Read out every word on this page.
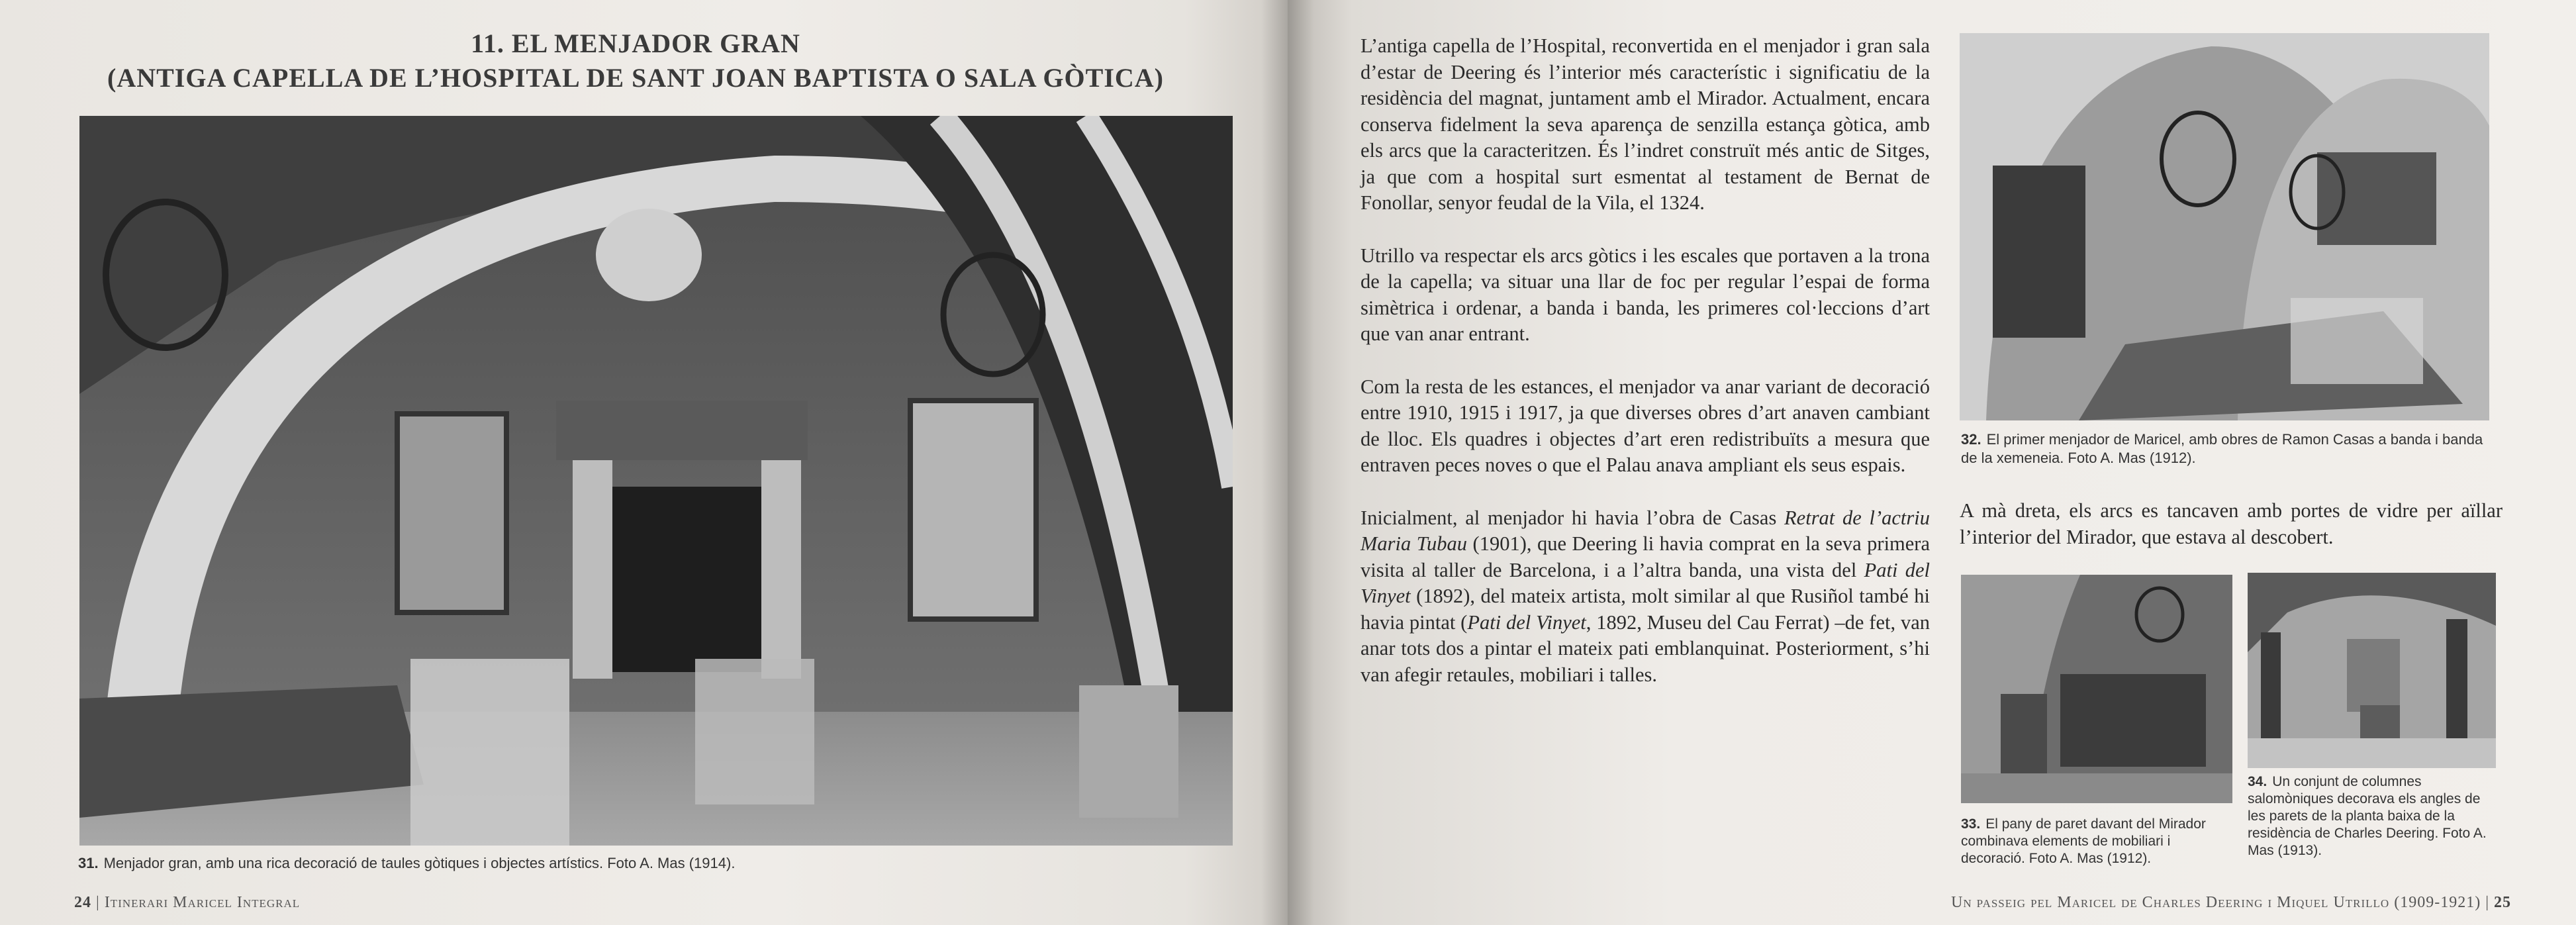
11. EL MENJADOR GRAN
(ANTIGA CAPELLA DE L’HOSPITAL DE SANT JOAN BAPTISTA O SALA GÒTICA)
31. Menjador gran, amb una rica decoració de taules gòtiques i objectes artístics. Foto A. Mas (1914).
24 | Itinerari Maricel Integral

L’antiga capella de l’Hospital, reconvertida en el menjador i gran sala d’estar de Deering és l’interior més característic i significatiu de la residència del magnat, juntament amb el Mirador. Actualment, encara conserva fidelment la seva aparença de senzilla estança gòtica, amb els arcs que la caracteritzen. És l’indret construït més antic de Sitges, ja que com a hospital surt esmentat al testament de Bernat de Fonollar, senyor feudal de la Vila, el 1324.

Utrillo va respectar els arcs gòtics i les escales que portaven a la trona de la capella; va situar una llar de foc per regular l’espai de forma simètrica i ordenar, a banda i banda, les primeres col·leccions d’art que van anar entrant.

Com la resta de les estances, el menjador va anar variant de decoració entre 1910, 1915 i 1917, ja que diverses obres d’art anaven cambiant de lloc. Els quadres i objectes d’art eren redistribuïts a mesura que entraven peces noves o que el Palau anava ampliant els seus espais.

Inicialment, al menjador hi havia l’obra de Casas Retrat de l’actriu Maria Tubau (1901), que Deering li havia comprat en la seva primera visita al taller de Barcelona, i a l’altra banda, una vista del Pati del Vinyet (1892), del mateix artista, molt similar al que Rusiñol també hi havia pintat (Pati del Vinyet, 1892, Museu del Cau Ferrat) –de fet, van anar tots dos a pintar el mateix pati emblanquinat. Posteriorment, s’hi van afegir retaules, mobiliari i talles.

32. El primer menjador de Maricel, amb obres de Ramon Casas a banda i banda de la xemeneia. Foto A. Mas (1912).
A mà dreta, els arcs es tancaven amb portes de vidre per aïllar l’interior del Mirador, que estava al descobert.
33. El pany de paret davant del Mirador combinava elements de mobiliari i decoració. Foto A. Mas (1912).
34. Un conjunt de columnes salomòniques decorava els angles de les parets de la planta baixa de la residència de Charles Deering. Foto A. Mas (1913).
Un passeig pel Maricel de Charles Deering i Miquel Utrillo (1909-1921) | 25
